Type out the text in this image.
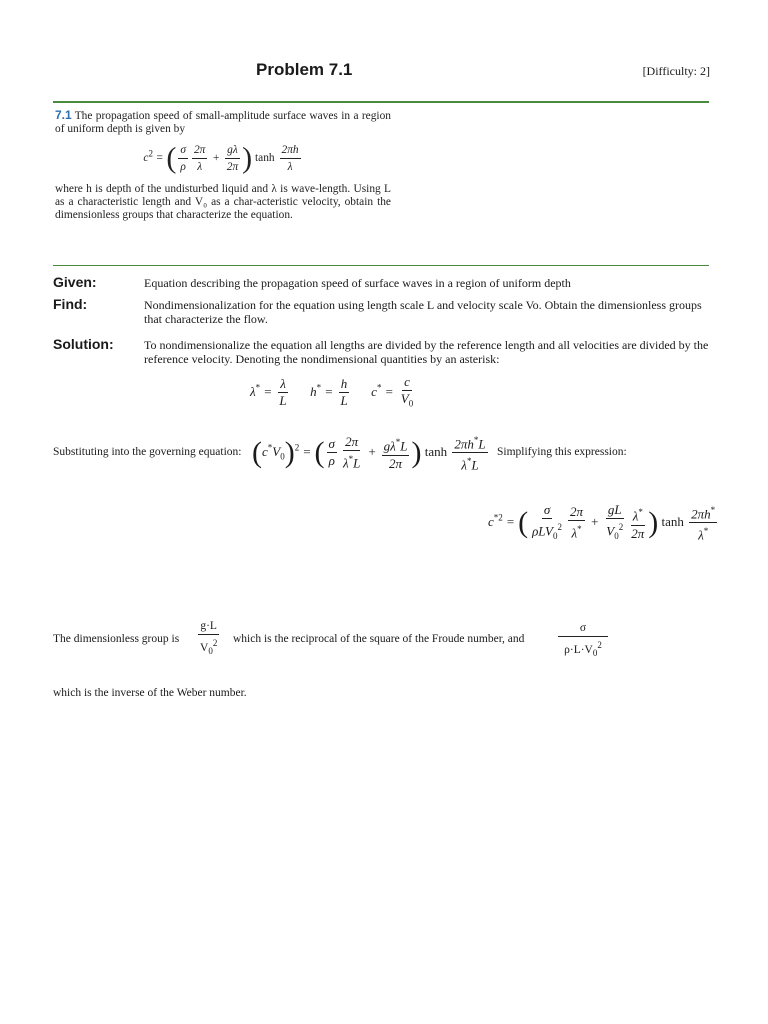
Problem 7.1	[Difficulty: 2]

7.1 The propagation speed of small-amplitude surface waves in a region of uniform depth is given by

$c^2$ = ( $\frac{\sigma}{\rho} \frac{2\pi}{\lambda} + \frac{g\lambda}{2\pi}$ ) $\tanh \frac{2\pi h}{\lambda}$

where h is depth of the undisturbed liquid and λ is wave-length. Using L as a characteristic length and V₀ as a char-acteristic velocity, obtain the dimensionless groups that characterize the equation.

Given:	Equation describing the propagation speed of surface waves in a region of uniform depth
Find:	Nondimensionalization for the equation using length scale L and velocity scale Vo. Obtain the dimensionless groups that characterize the flow.
Solution:	To nondimensionalize the equation all lengths are divided by the reference length and all velocities are divided by the reference velocity. Denoting the nondimensional quantities by an asterisk:
$\lambda^* = \frac{\lambda}{L} h^* = \frac{h}{L} c^* = \frac{c}{V_0}$
Substituting into the governing equation: $(c^*V_0)^2$ = ( $\frac{\sigma}{\rho} \frac{2\pi}{\lambda^*L} + \frac{g\lambda^*L}{2\pi}$ ) $\tanh \frac{2\pi h^*L}{\lambda^*L}$ Simplifying this expression:
$c^{*2}$ = ( $\frac{\sigma}{\rho LV_0^2} \frac{2\pi}{\lambda^*} + \frac{gL}{V_0^2} \frac{\lambda^*}{2\pi}$ ) $\tanh \frac{2\pi h^*}{\lambda^*}$
The dimensionless group is $\frac{g\cdot L}{V_0^2}$ which is the reciprocal of the square of the Froude number, and	$\frac{\sigma}{\rho\cdot L\cdot V_0^2}$
which is the inverse of the Weber number.
